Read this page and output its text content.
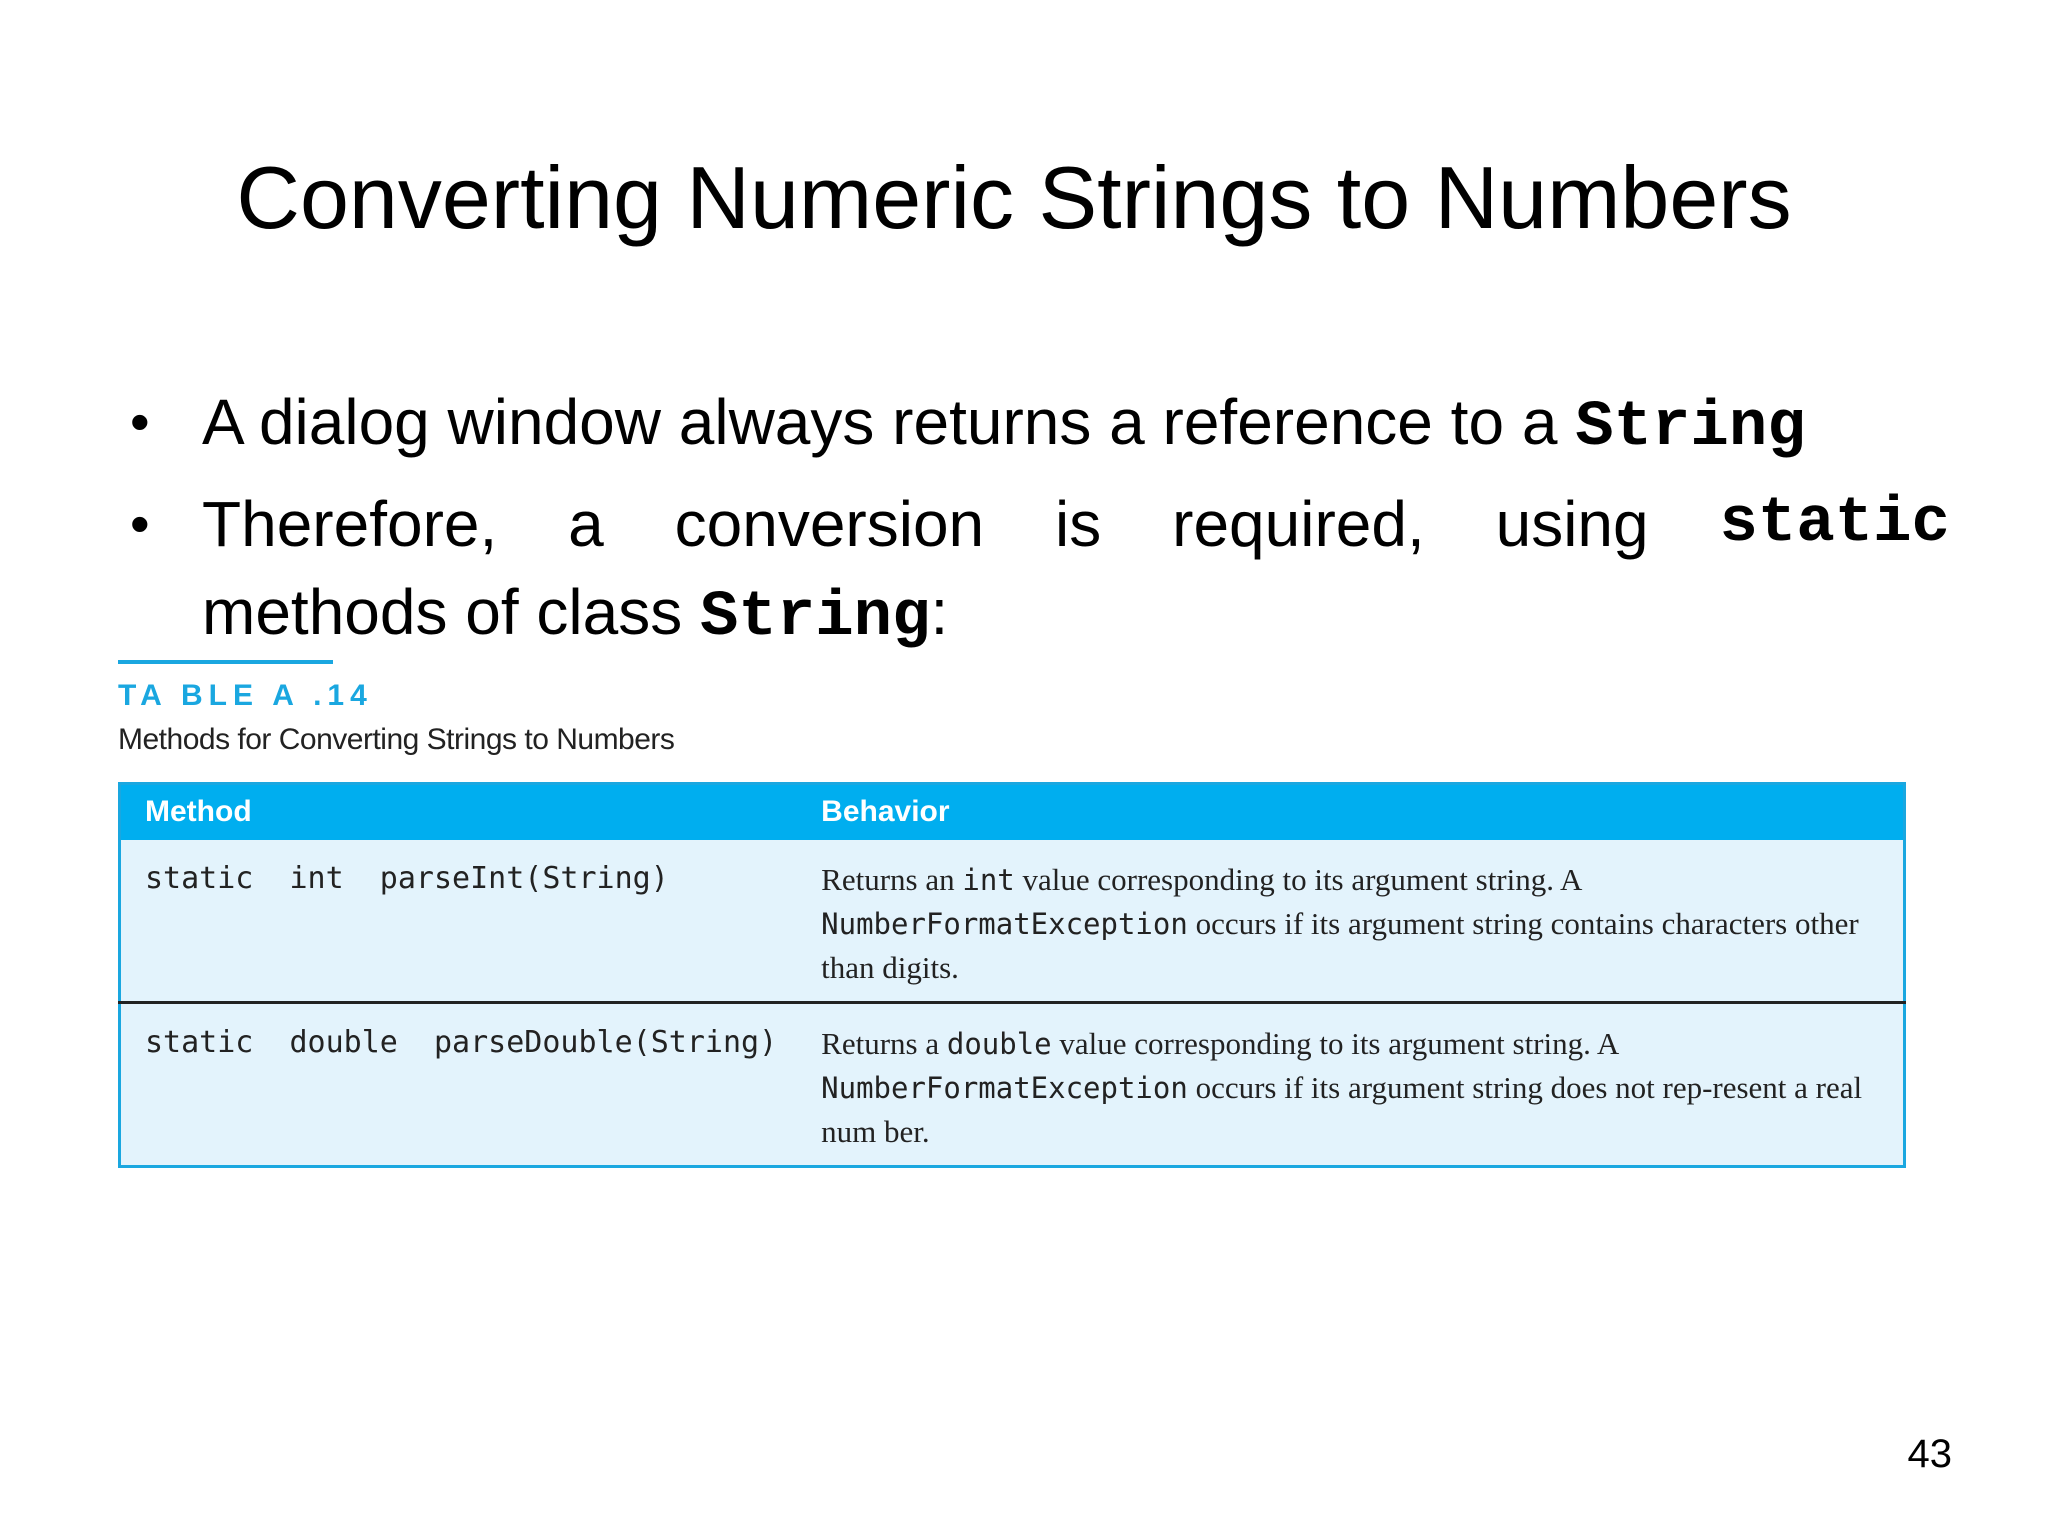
Converting Numeric Strings to Numbers
• A dialog window always returns a reference to a String
• Therefore, a conversion is required, using static
methods of class String:
TA BLE A .14
Methods for Converting Strings to Numbers
Method	Behavior
static  int  parseInt(String)	Returns an int value corresponding to its argument string. A
NumberFormatException occurs if its argument string contains characters other than digits.
static  double  parseDouble(String)	Returns a double value corresponding to its argument string. A
NumberFormatException occurs if its argument string does not rep-resent a real num ber.
43
